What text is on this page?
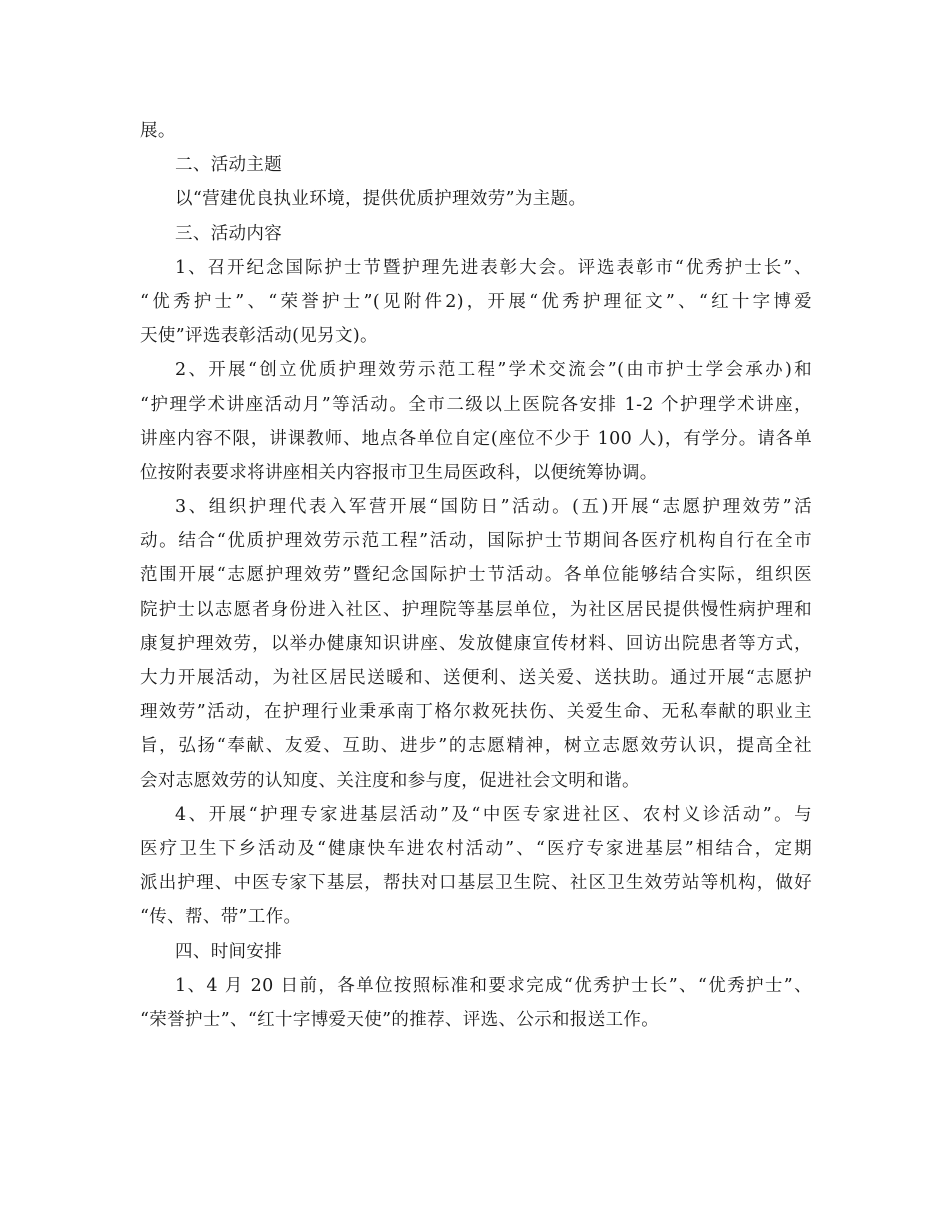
展。
二、活动主题
以“营建优良执业环境，提供优质护理效劳”为主题。
三、活动内容
1、召开纪念国际护士节暨护理先进表彰大会。评选表彰市“优秀护士长”、
“优秀护士”、“荣誉护士”(见附件2)，开展“优秀护理征文”、“红十字博爱
天使”评选表彰活动(见另文)。
2、开展“创立优质护理效劳示范工程”学术交流会”(由市护士学会承办)和
“护理学术讲座活动月”等活动。全市二级以上医院各安排 1-2 个护理学术讲座，
讲座内容不限，讲课教师、地点各单位自定(座位不少于 100 人)，有学分。请各单
位按附表要求将讲座相关内容报市卫生局医政科，以便统筹协调。
3、组织护理代表入军营开展“国防日”活动。(五)开展“志愿护理效劳”活
动。结合“优质护理效劳示范工程”活动，国际护士节期间各医疗机构自行在全市
范围开展“志愿护理效劳”暨纪念国际护士节活动。各单位能够结合实际，组织医
院护士以志愿者身份进入社区、护理院等基层单位，为社区居民提供慢性病护理和
康复护理效劳，以举办健康知识讲座、发放健康宣传材料、回访出院患者等方式，
大力开展活动，为社区居民送暖和、送便利、送关爱、送扶助。通过开展“志愿护
理效劳”活动，在护理行业秉承南丁格尔救死扶伤、关爱生命、无私奉献的职业主
旨，弘扬“奉献、友爱、互助、进步”的志愿精神，树立志愿效劳认识，提高全社
会对志愿效劳的认知度、关注度和参与度，促进社会文明和谐。
4、开展“护理专家进基层活动”及“中医专家进社区、农村义诊活动”。与
医疗卫生下乡活动及“健康快车进农村活动”、“医疗专家进基层”相结合，定期
派出护理、中医专家下基层，帮扶对口基层卫生院、社区卫生效劳站等机构，做好
“传、帮、带”工作。
四、时间安排
1、4 月 20 日前，各单位按照标准和要求完成“优秀护士长”、“优秀护士”、
“荣誉护士”、“红十字博爱天使”的推荐、评选、公示和报送工作。
